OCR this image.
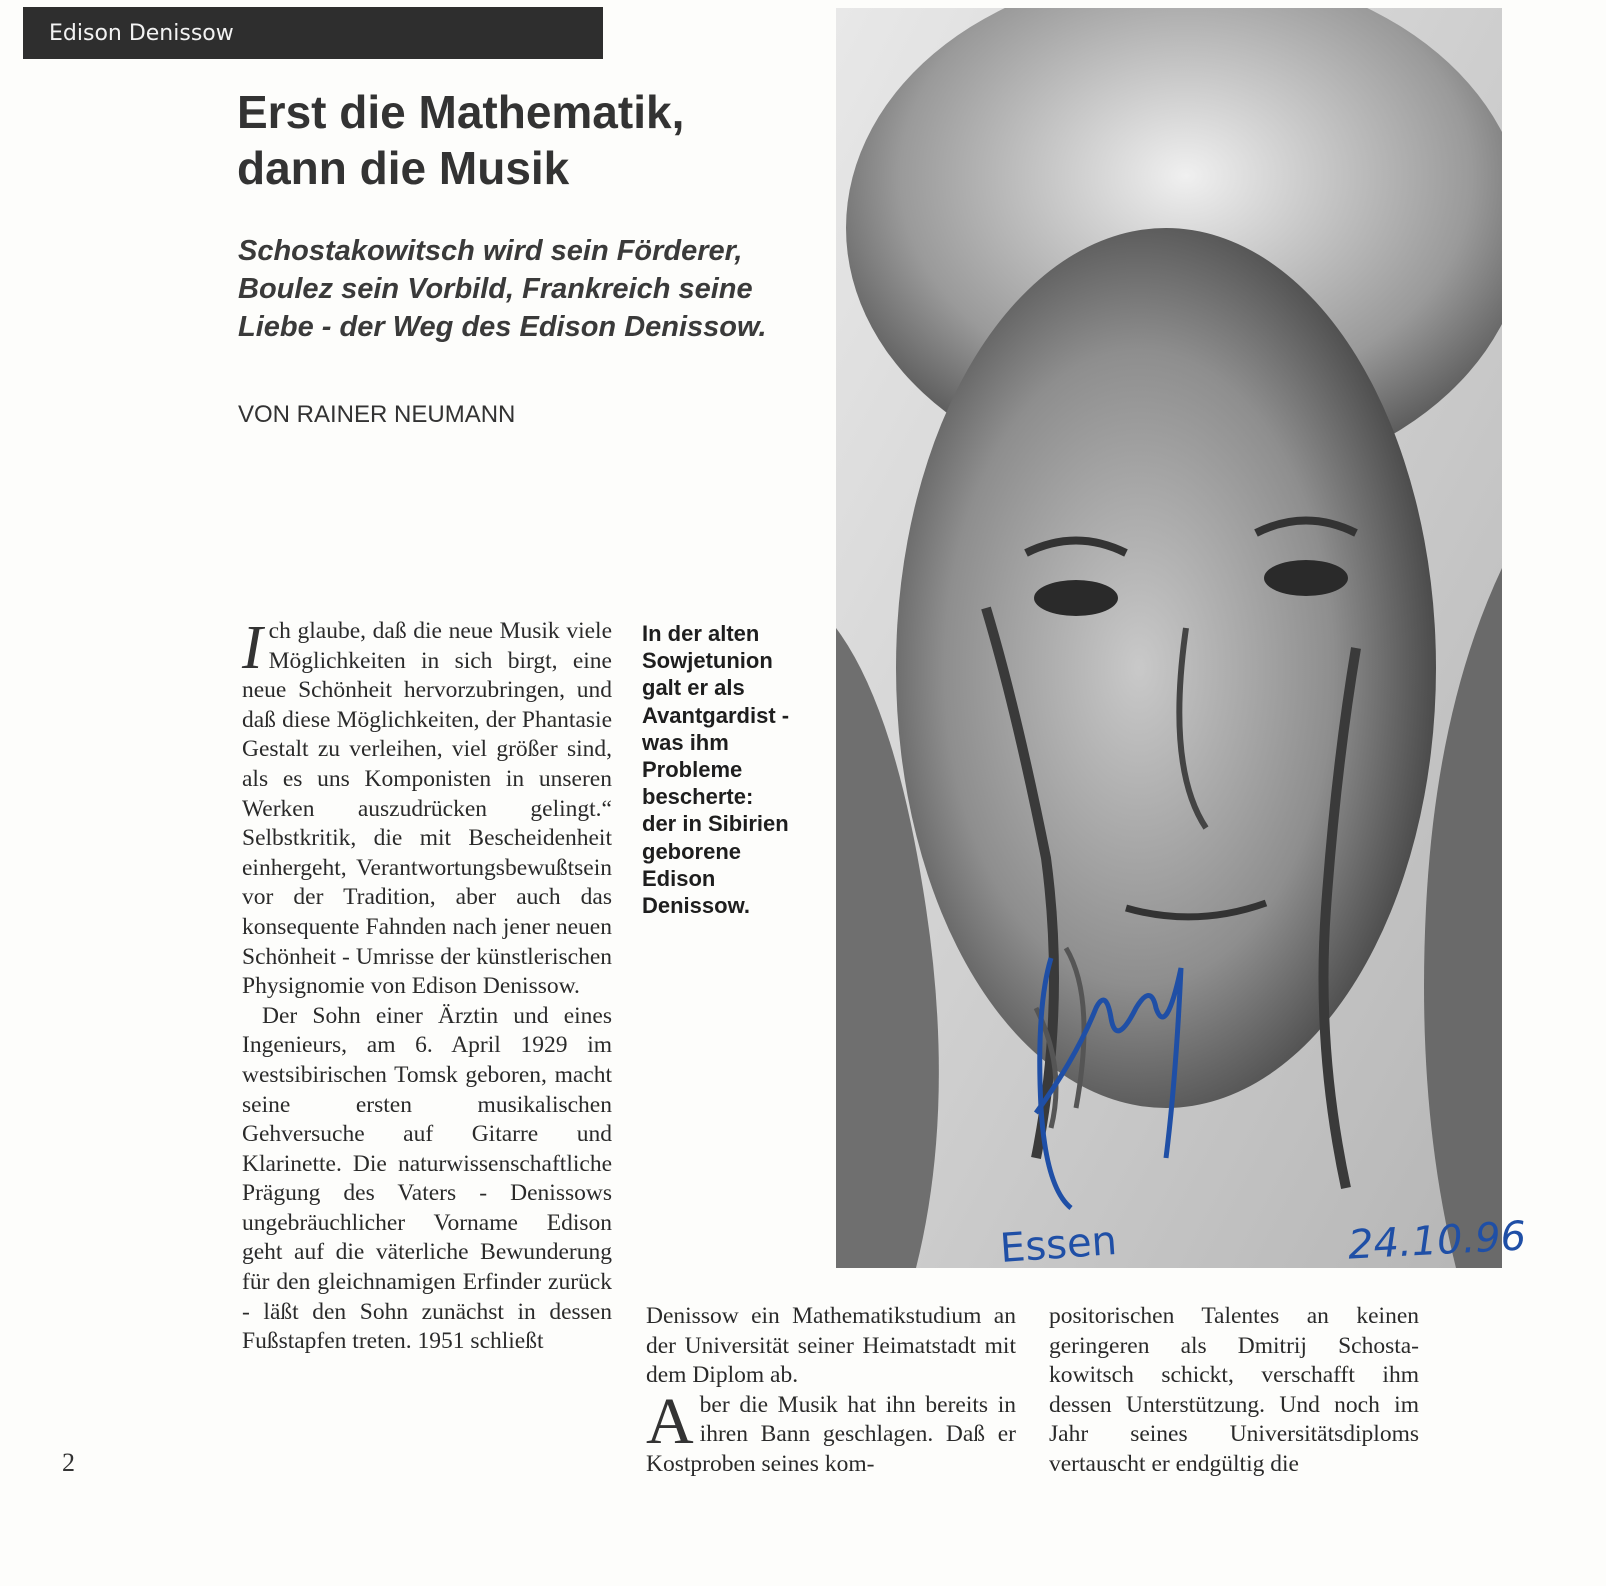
Edison Denissow
Erst die Mathematik,
dann die Musik
Schostakowitsch wird sein Förderer,
Boulez sein Vorbild, Frankreich seine
Liebe - der Weg des Edison Denissow.
VON RAINER NEUMANN
Essen	24.10.96
In der alten
Sowjetunion
galt er als
Avantgardist -
was ihm
Probleme
bescherte:
der in Sibirien
geborene
Edison
Denissow.

Ich glaube, daß die neue Musik viele Möglichkeiten in sich birgt, eine neue Schönheit hervorzubringen, und daß diese Möglichkeiten, der Phantasie Gestalt zu verleihen, viel größer sind, als es uns Komponisten in unseren Werken auszudrücken gelingt.“ Selbstkritik, die mit Bescheidenheit einhergeht, Verantwortungsbewußtsein vor der Tradition, aber auch das konsequente Fahnden nach jener neuen Schönheit - Umrisse der künstlerischen Physignomie von Edison Denissow.

Der Sohn einer Ärztin und eines Ingenieurs, am 6. April 1929 im westsibirischen Tomsk geboren, macht seine ersten musikalischen Gehversuche auf Gitarre und Klarinette. Die naturwissenschaftliche Prägung des Vaters - Denissows ungebräuchlicher Vorname Edison geht auf die väterliche Bewunderung für den gleichnamigen Erfinder zurück - läßt den Sohn zunächst in dessen Fußstapfen treten. 1951 schließt

Denissow ein Mathematikstudium an der Universität seiner Heimatstadt mit dem Diplom ab.

Aber die Musik hat ihn bereits in ihren Bann geschlagen. Daß er Kostproben seines kom-

positorischen Talentes an keinen geringeren als Dmitrij Schostakowitsch schickt, verschafft ihm dessen Unterstützung. Und noch im Jahr seines Universitätsdiploms vertauscht er endgültig die

2
